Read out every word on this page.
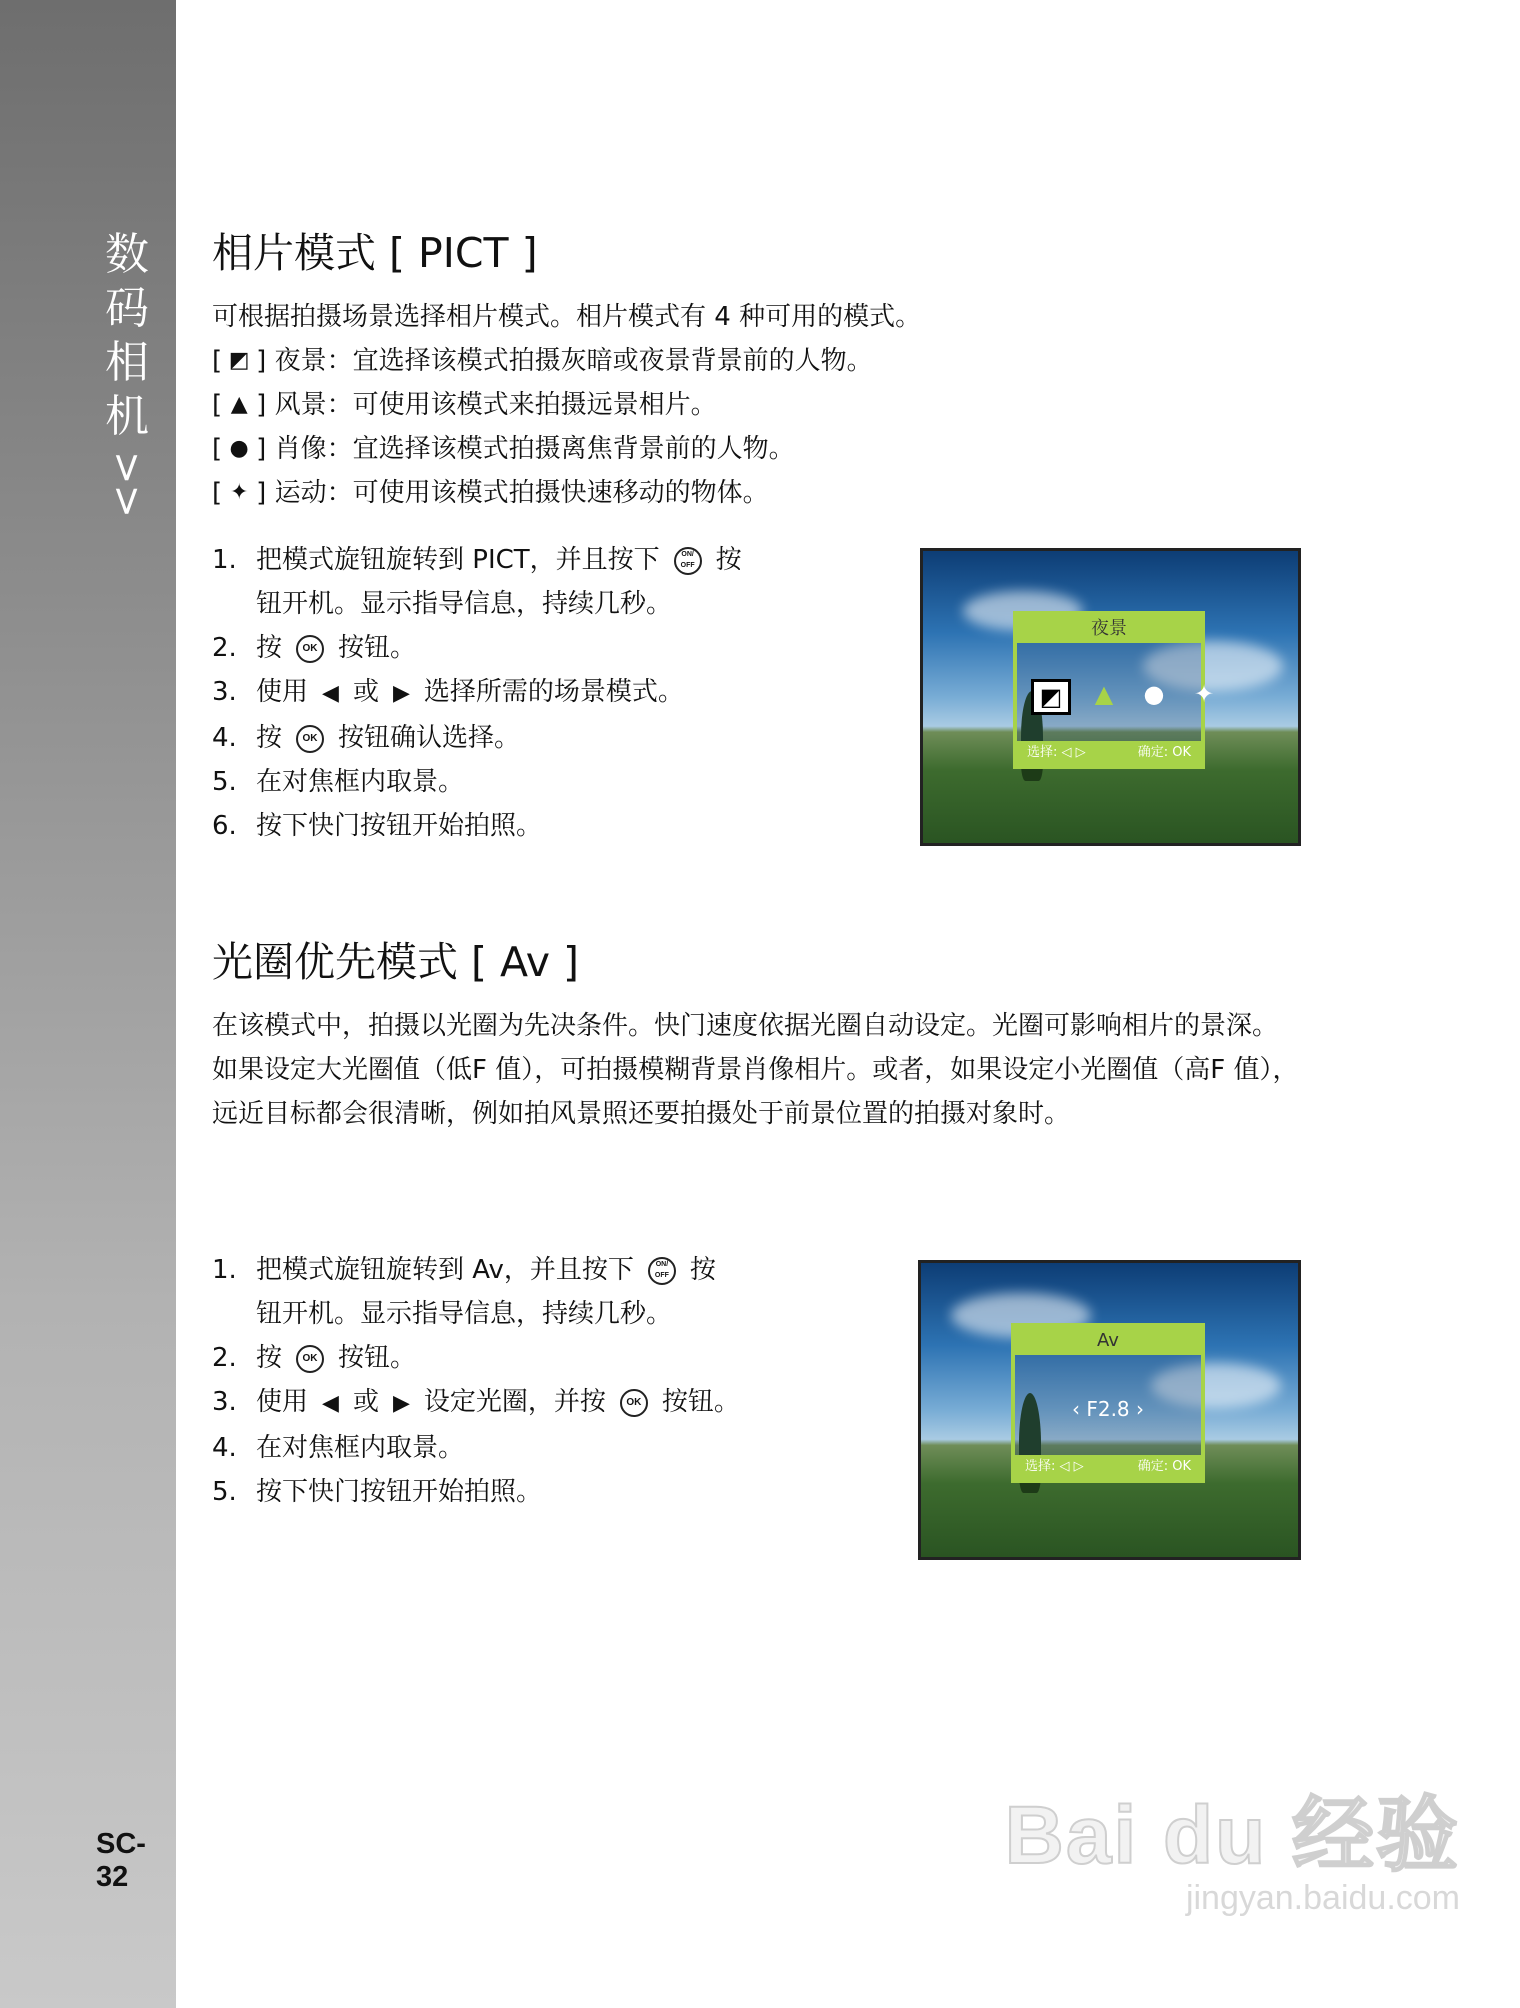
数
码
相
机
>>
SC-32
相片模式 [ PICT ]

可根据拍摄场景选择相片模式。相片模式有 4 种可用的模式。

[ ◩ ] 夜景：宜选择该模式拍摄灰暗或夜景背景前的人物。
[ ▲ ] 风景：可使用该模式来拍摄远景相片。
[ ● ] 肖像：宜选择该模式拍摄离焦背景前的人物。
[ ✦ ] 运动：可使用该模式拍摄快速移动的物体。
1. 把模式旋钮旋转到 PICT，并且按下	ON/
OFF 按
钮开机。显示指导信息，持续几秒。
2. 按 OK 按钮。
3. 使用 ◀ 或 ▶ 选择所需的场景模式。
4. 按 OK 按钮确认选择。
5. 在对焦框内取景。
6. 按下快门按钮开始拍照。
夜景
◩	▲	● ✦
选择: ◁ ▷	确定: OK
光圈优先模式 [ Av ]

在该模式中，拍摄以光圈为先决条件。快门速度依据光圈自动设定。光圈可影响相片的景深。

如果设定大光圈值（低F 值），可拍摄模糊背景肖像相片。或者，如果设定小光圈值（高F 值），远近目标都会很清晰，例如拍风景照还要拍摄处于前景位置的拍摄对象时。

1. 把模式旋钮旋转到 Av，并且按下	ON/
OFF 按
钮开机。显示指导信息，持续几秒。
2. 按 OK 按钮。
3. 使用 ◀ 或 ▶ 设定光圈，并按 OK 按钮。
4. 在对焦框内取景。
5. 按下快门按钮开始拍照。
Av
‹ F2.8 ›
选择: ◁ ▷	确定: OK
Bai du 经验
jingyan.baidu.com
